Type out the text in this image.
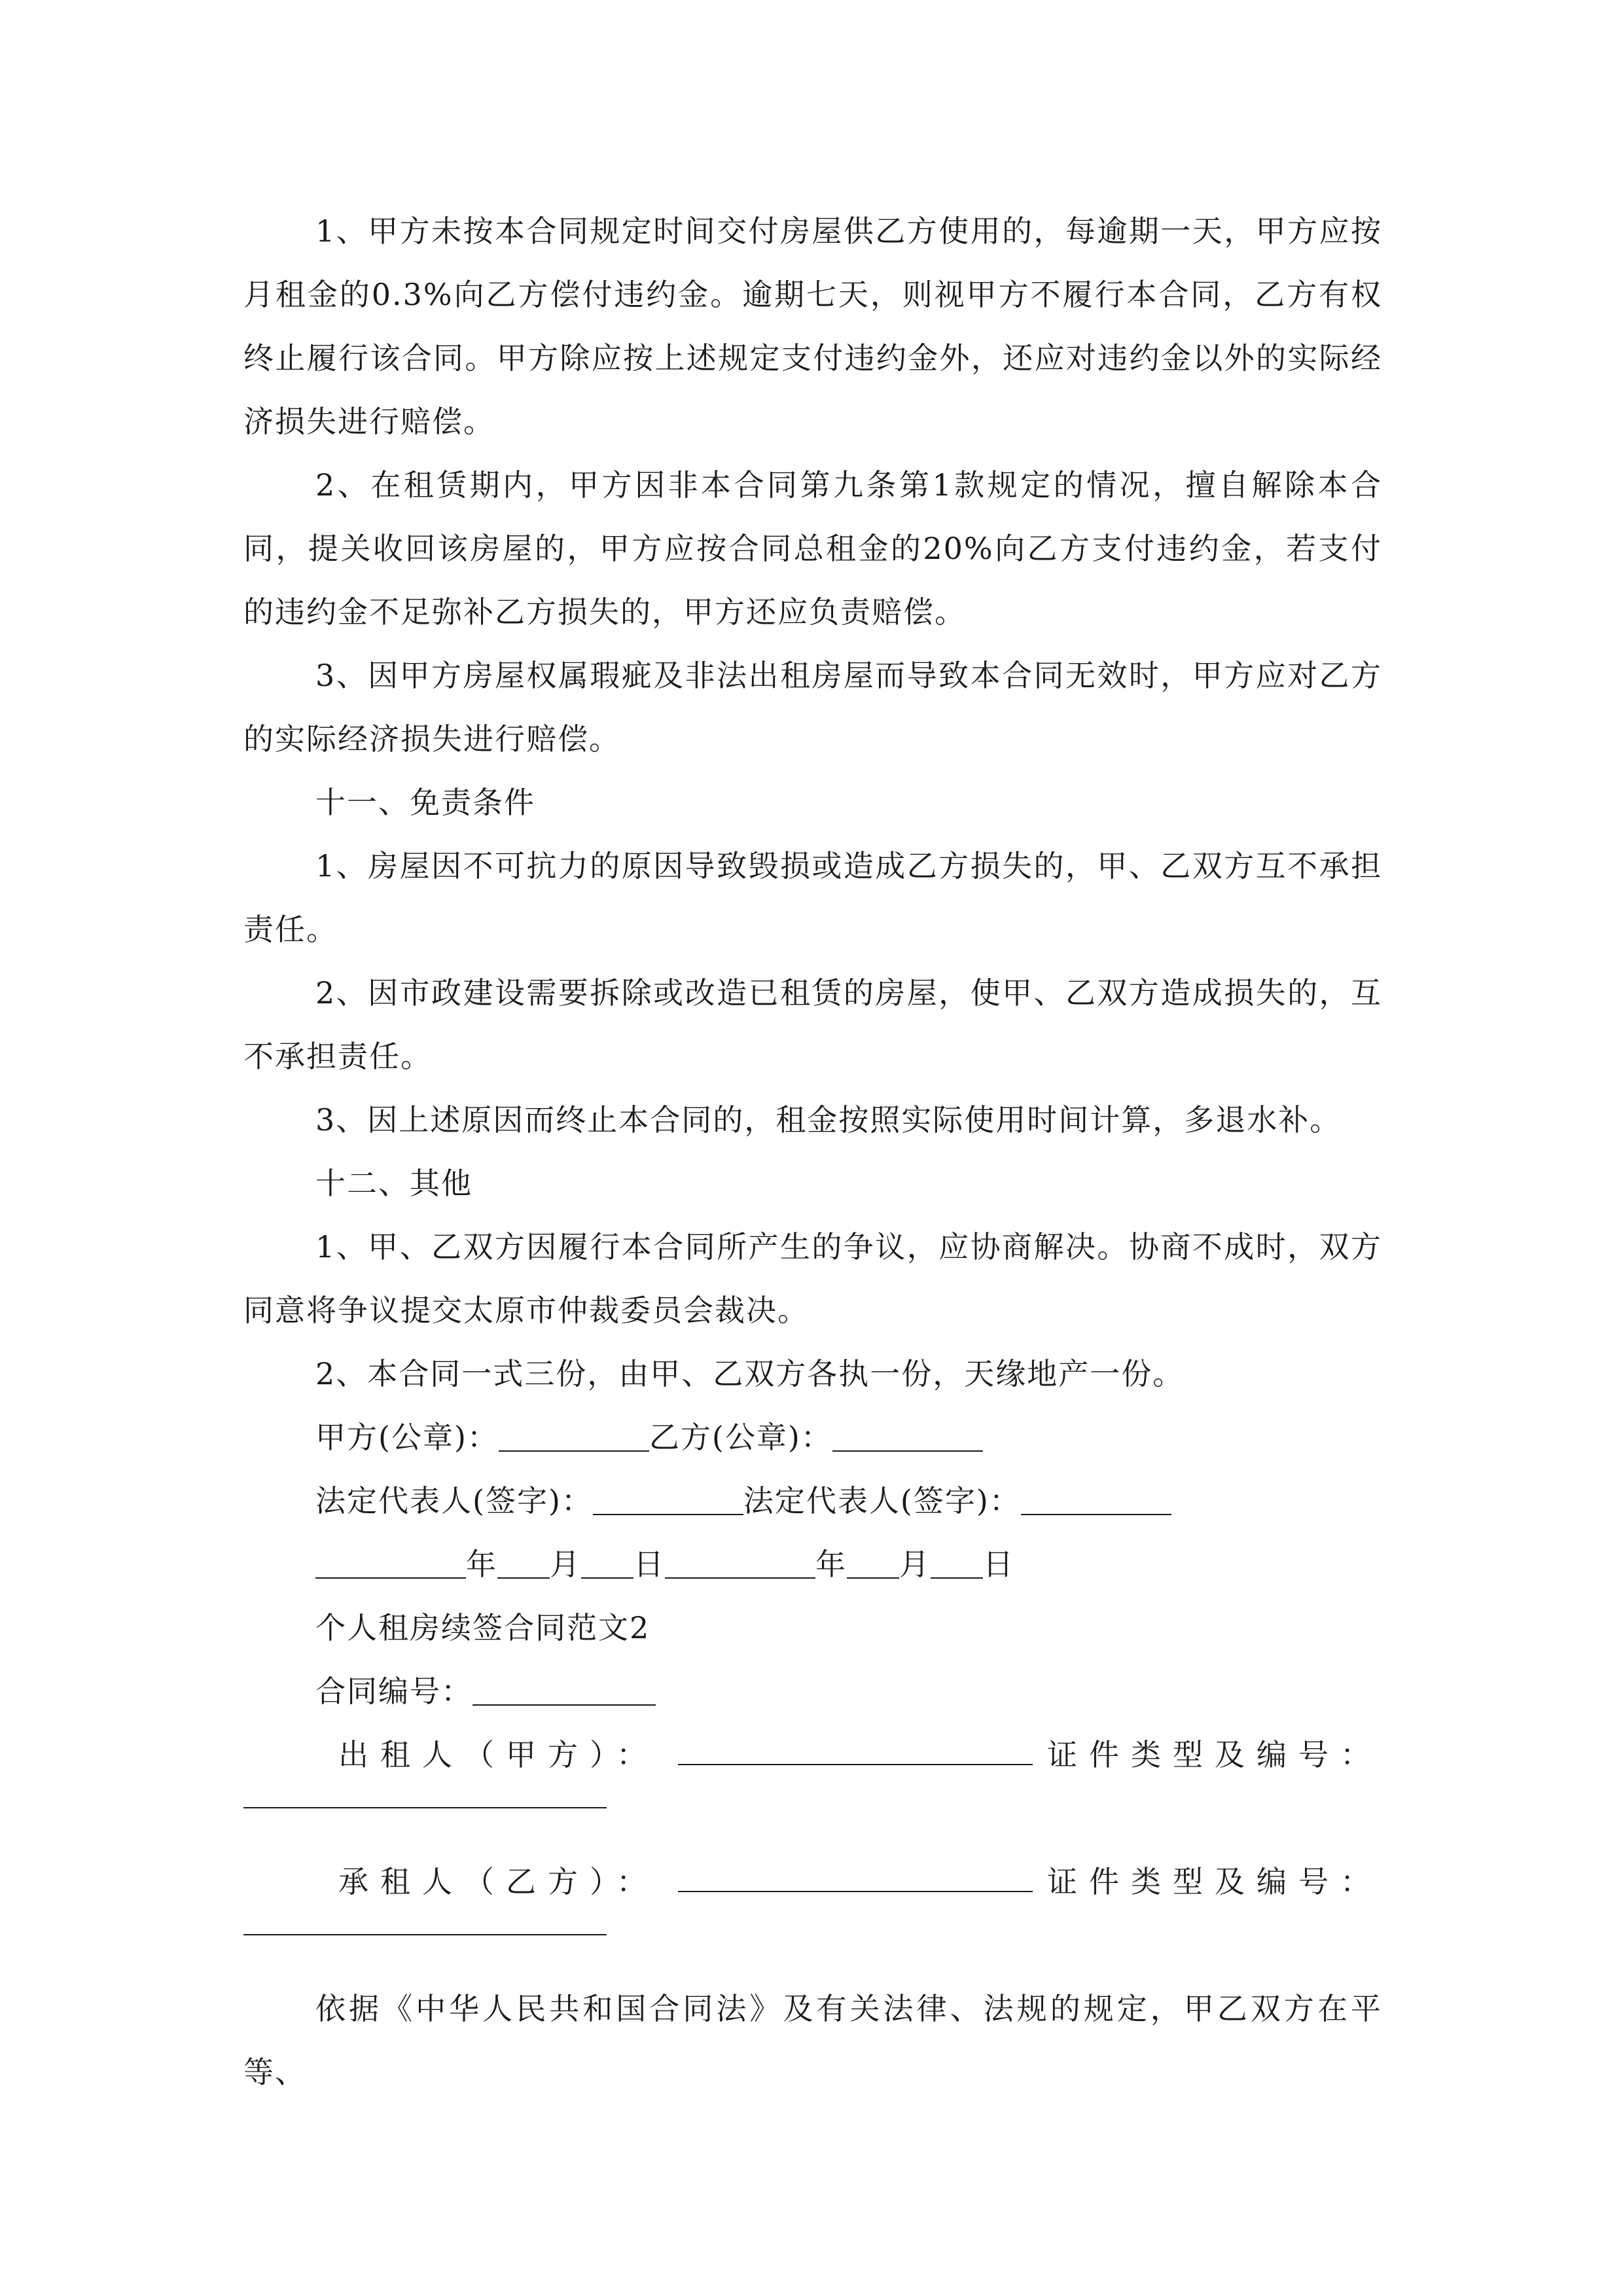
1、甲方未按本合同规定时间交付房屋供乙方使用的，每逾期一天，甲方应按月租金的0.3%向乙方偿付违约金。逾期七天，则视甲方不履行本合同，乙方有权终止履行该合同。甲方除应按上述规定支付违约金外，还应对违约金以外的实际经济损失进行赔偿。

2、在租赁期内，甲方因非本合同第九条第1款规定的情况，擅自解除本合同，提关收回该房屋的，甲方应按合同总租金的20%向乙方支付违约金，若支付的违约金不足弥补乙方损失的，甲方还应负责赔偿。

3、因甲方房屋权属瑕疵及非法出租房屋而导致本合同无效时，甲方应对乙方的实际经济损失进行赔偿。

十一、免责条件

1、房屋因不可抗力的原因导致毁损或造成乙方损失的，甲、乙双方互不承担责任。

2、因市政建设需要拆除或改造已租赁的房屋，使甲、乙双方造成损失的，互不承担责任。

3、因上述原因而终止本合同的，租金按照实际使用时间计算，多退水补。

十二、其他

1、甲、乙双方因履行本合同所产生的争议，应协商解决。协商不成时，双方同意将争议提交太原市仲裁委员会裁决。

2、本合同一式三份，由甲、乙双方各执一份，天缘地产一份。

甲方(公章)：	乙方(公章)：

法定代表人(签字)：	法定代表人(签字)：

年 月 日	年 月 日

个人租房续签合同范文2

合同编号：

出租人（甲方）：	证件类型及编号：
承租人（乙方）：	证件类型及编号：

依据《中华人民共和国合同法》及有关法律、法规的规定，甲乙双方在平等、
